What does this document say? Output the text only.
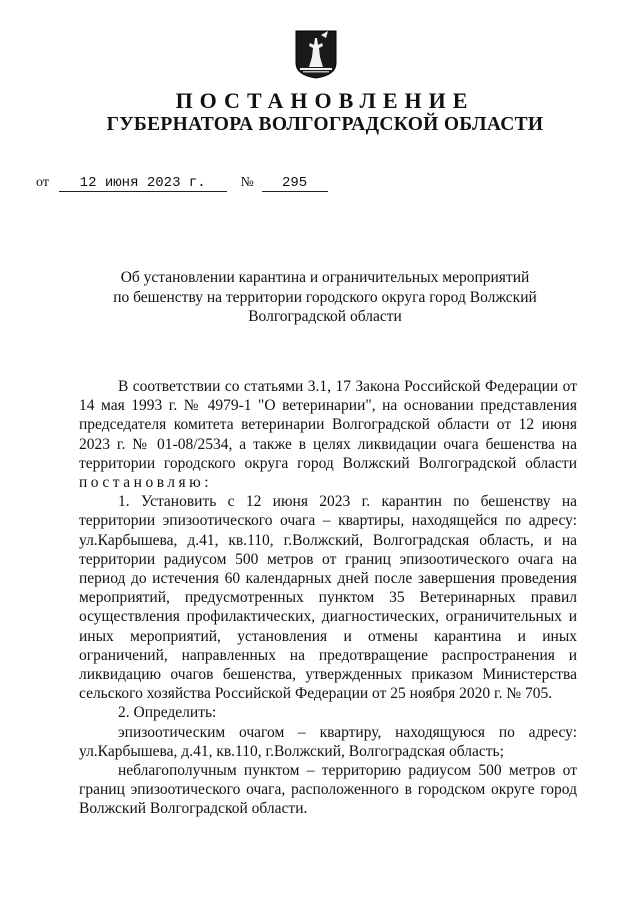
ПОСТАНОВЛЕНИЕ
ГУБЕРНАТОРА ВОЛГОГРАДСКОЙ ОБЛАСТИ
от 12 июня 2023 г. № 295
Об установлении карантина и ограничительных мероприятий
по бешенству на территории городского округа город Волжский
Волгоградской области

В соответствии со статьями 3.1, 17 Закона Российской Федерации от 14 мая 1993 г. № 4979-1 "О ветеринарии", на основании представления председателя комитета ветеринарии Волгоградской области от 12 июня 2023 г. № 01-08/2534, а также в целях ликвидации очага бешенства на территории городского округа город Волжский Волгоградской области постановляю:

1. Установить с 12 июня 2023 г. карантин по бешенству на территории эпизоотического очага – квартиры, находящейся по адресу: ул.Карбышева, д.41, кв.110, г.Волжский, Волгоградская область, и на территории радиусом 500 метров от границ эпизоотического очага на период до истечения 60 календарных дней после завершения проведения мероприятий, предусмотренных пунктом 35 Ветеринарных правил осуществления профилактических, диагностических, ограничительных и иных мероприятий, установления и отмены карантина и иных ограничений, направленных на предотвращение распространения и ликвидацию очагов бешенства, утвержденных приказом Министерства сельского хозяйства Российской Федерации от 25 ноября 2020 г. № 705.

2. Определить:

эпизоотическим очагом – квартиру, находящуюся по адресу: ул.Карбышева, д.41, кв.110, г.Волжский, Волгоградская область;

неблагополучным пунктом – территорию радиусом 500 метров от границ эпизоотического очага, расположенного в городском округе город Волжский Волгоградской области.
